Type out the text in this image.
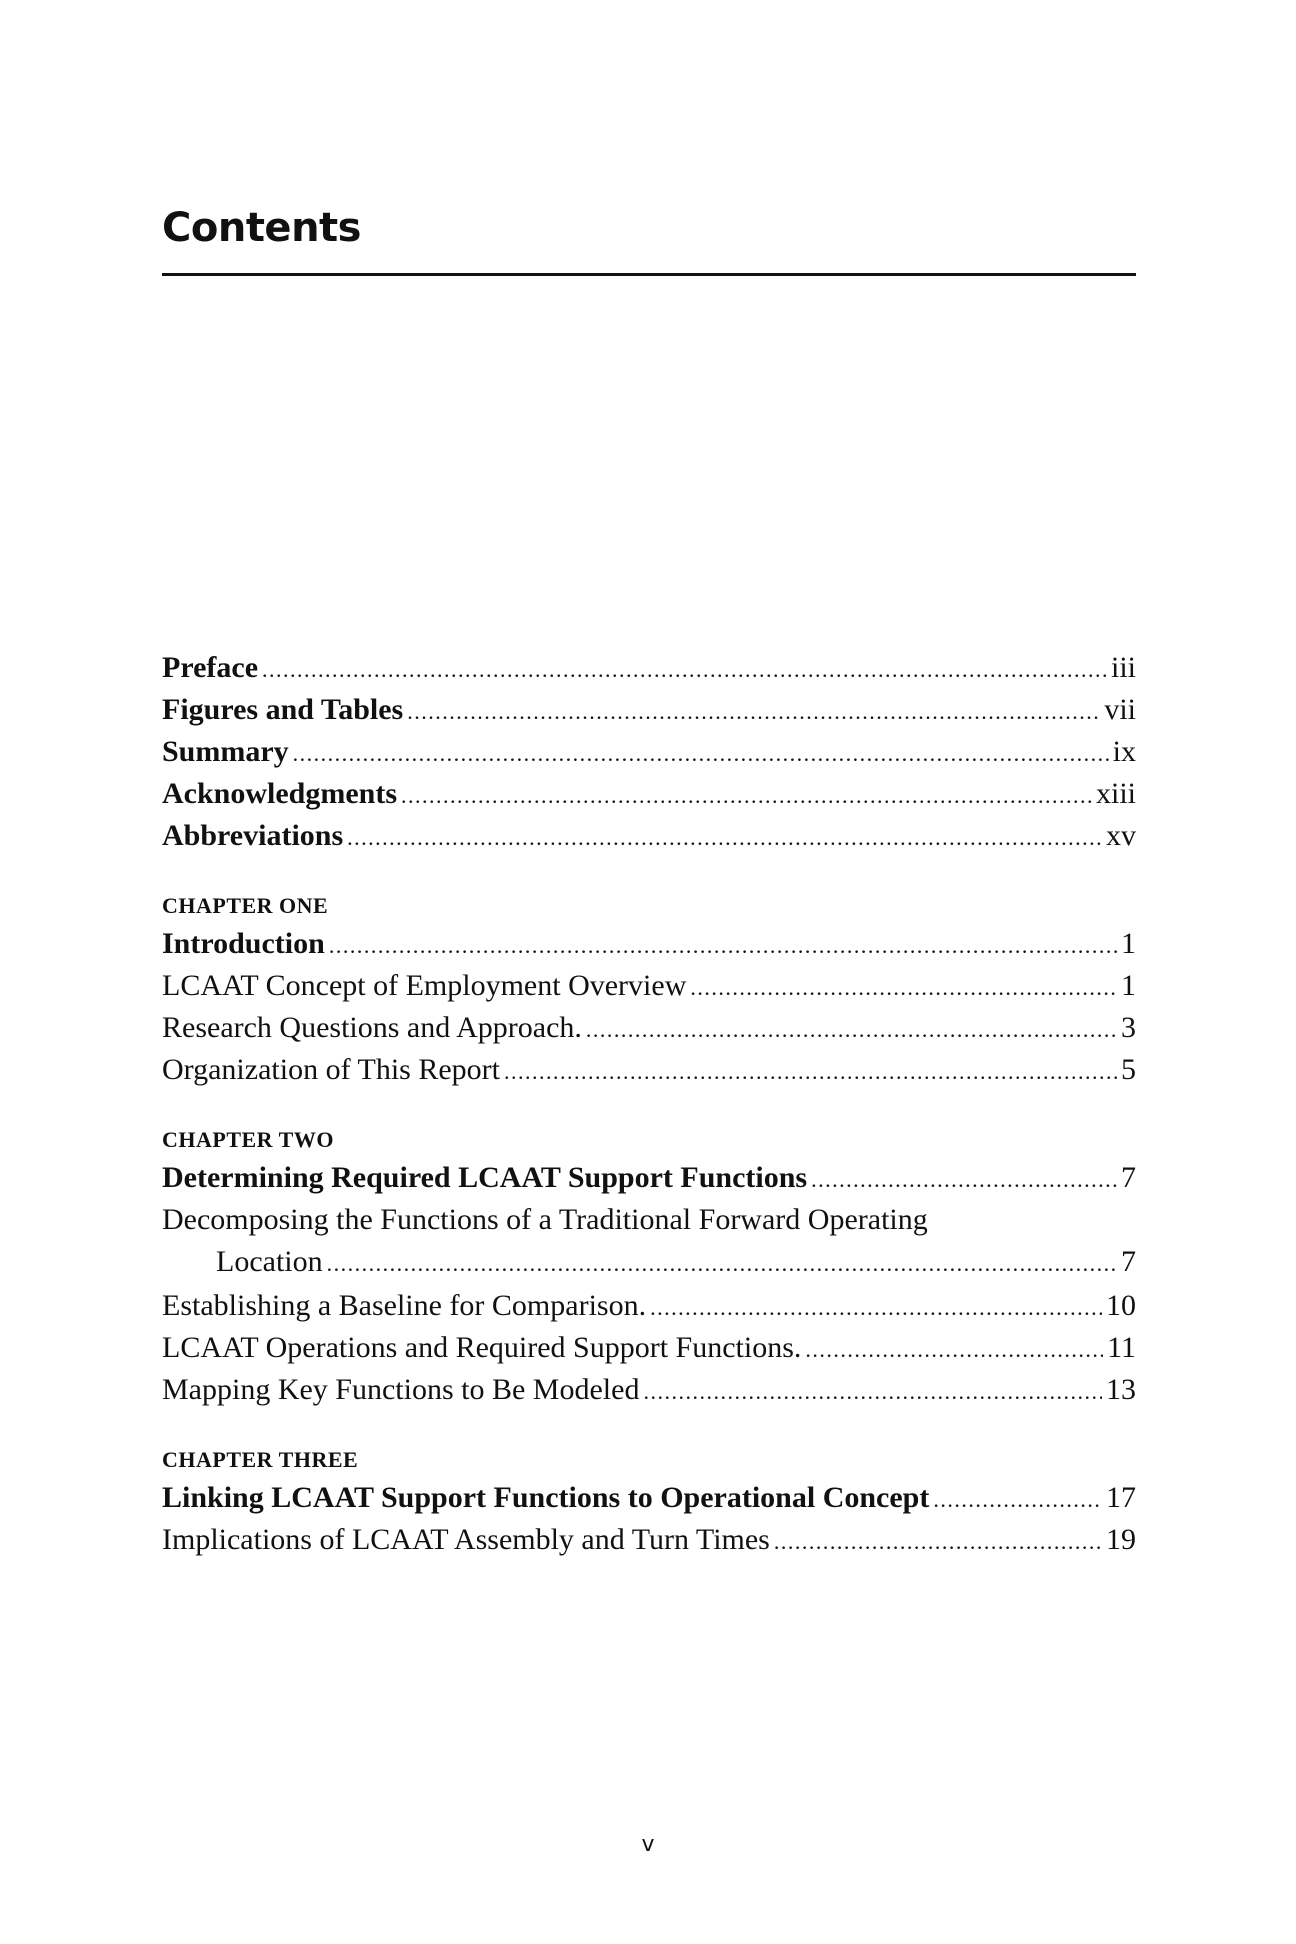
Contents
Preface . . .	iii
Figures and Tables . . .	vii
Summary . . .	ix
Acknowledgments . . .	xiii
Abbreviations . . .	xv
CHAPTER ONE
Introduction . . .	1
LCAAT Concept of Employment Overview . . .	1
Research Questions and Approach. . . .	3
Organization of This Report . . .	5
CHAPTER TWO
Determining Required LCAAT Support Functions . . .	7
Decomposing the Functions of a Traditional Forward Operating
Location . . .	7
Establishing a Baseline for Comparison. . . .	10
LCAAT Operations and Required Support Functions. . . .	11
Mapping Key Functions to Be Modeled . . .	13
CHAPTER THREE
Linking LCAAT Support Functions to Operational Concept . . .	17
Implications of LCAAT Assembly and Turn Times . . .	19
v
